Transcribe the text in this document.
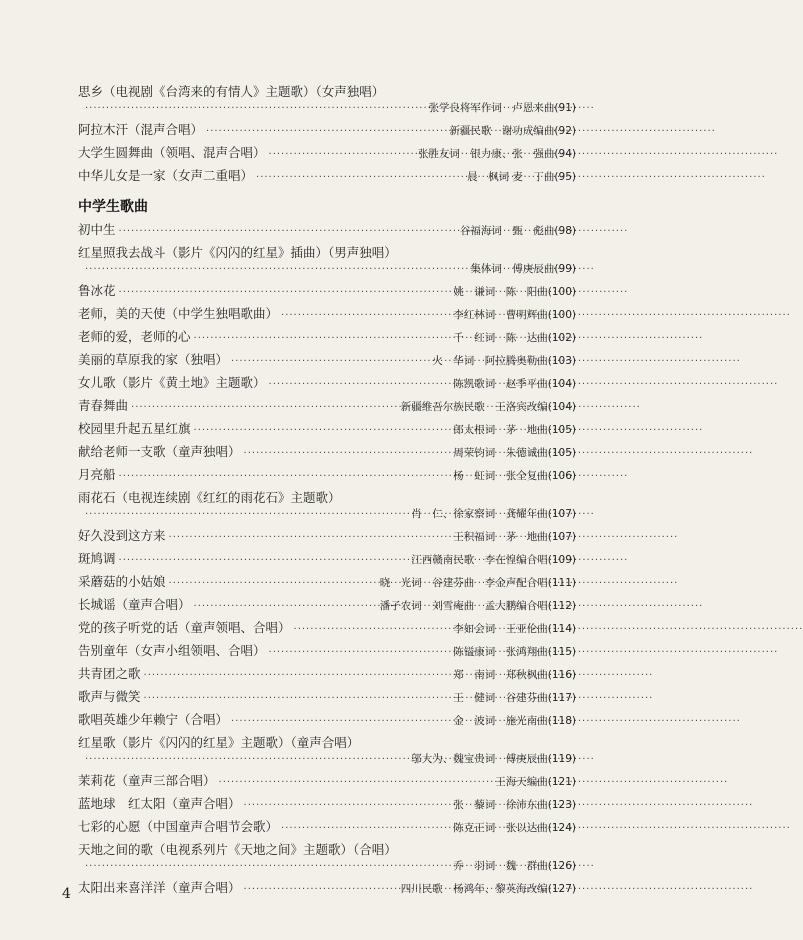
思乡（电视剧《台湾来的有情人》主题歌）（女声独唱）
·····
张学良将军作词　卢恩来曲(91)
阿拉木汗（混声合唱） ·····	新疆民歌　谢功成编曲(92)
大学生圆舞曲（领唱、混声合唱） ·····	张胜友词　银力康、张　强曲(94)
中华儿女是一家（女声二重唱） ·····	晨　枫词 麦　丁曲(95)
中学生歌曲
初中生 ·····	谷福海词　甄　彪曲(98)
红星照我去战斗（影片《闪闪的红星》插曲）（男声独唱）
·····
集体词　傅庚辰曲(99)
鲁冰花 ·····	姚　谦词　陈　阳曲(100)
老师，美的天使（中学生独唱歌曲） ·····	李红林词　曹明辉曲(100)
老师的爱，老师的心 ·····	千　红词　陈　达曲(102)
美丽的草原我的家（独唱） ·····	火　华词　阿拉腾奥勒曲(103)
女儿歌（影片《黄土地》主题歌） ·····	陈凯歌词　赵季平曲(104)
青春舞曲 ·····	新疆维吾尔族民歌　王洛宾改编(104)
校园里升起五星红旗 ·····	郎太根词　茅　地曲(105)
献给老师一支歌（童声独唱） ·····	周荣钧词　朱德诚曲(105)
月亮船 ·····	杨　虹词　张全复曲(106)
雨花石（电视连续剧《红红的雨花石》主题歌）
·····
肖　仁、徐家察词　龚耀年曲(107)
好久没到这方来 ·····	王积福词　茅　地曲(107)
斑鸠调 ·····	江西赣南民歌　李在惶编合唱(109)
采蘑菇的小姑娘 ·····	晓　光词　谷建芬曲　李金声配合唱(111)
长城谣（童声合唱） ·····	潘孑农词　刘雪庵曲　孟大鹏编合唱(112)
党的孩子听党的话（童声领唱、合唱） ·····	李如会词　王亚伦曲(114)
告别童年（女声小组领唱、合唱） ·····	陈镒康词　张鸿翔曲(115)
共青团之歌 ·····	郑　南词　郑秋枫曲(116)
歌声与微笑 ·····	王　健词　谷建芬曲(117)
歌唱英雄少年赖宁（合唱） ·····	金　波词　施光南曲(118)
红星歌（影片《闪闪的红星》主题歌）（童声合唱）
·····
邬大为、魏宝贵词　傅庚辰曲(119)
茉莉花（童声三部合唱） ·····	王海天编曲(121)
蓝地球　红太阳（童声合唱） ·····	张　藜词　徐沛东曲(123)
七彩的心愿（中国童声合唱节会歌） ·····	陈克正词　张以达曲(124)
天地之间的歌（电视系列片《天地之间》主题歌）（合唱）
·····
乔　羽词　魏　群曲(126)
太阳出来喜洋洋（童声合唱） ·····	四川民歌　杨鸿年、黎英海改编(127)
4
